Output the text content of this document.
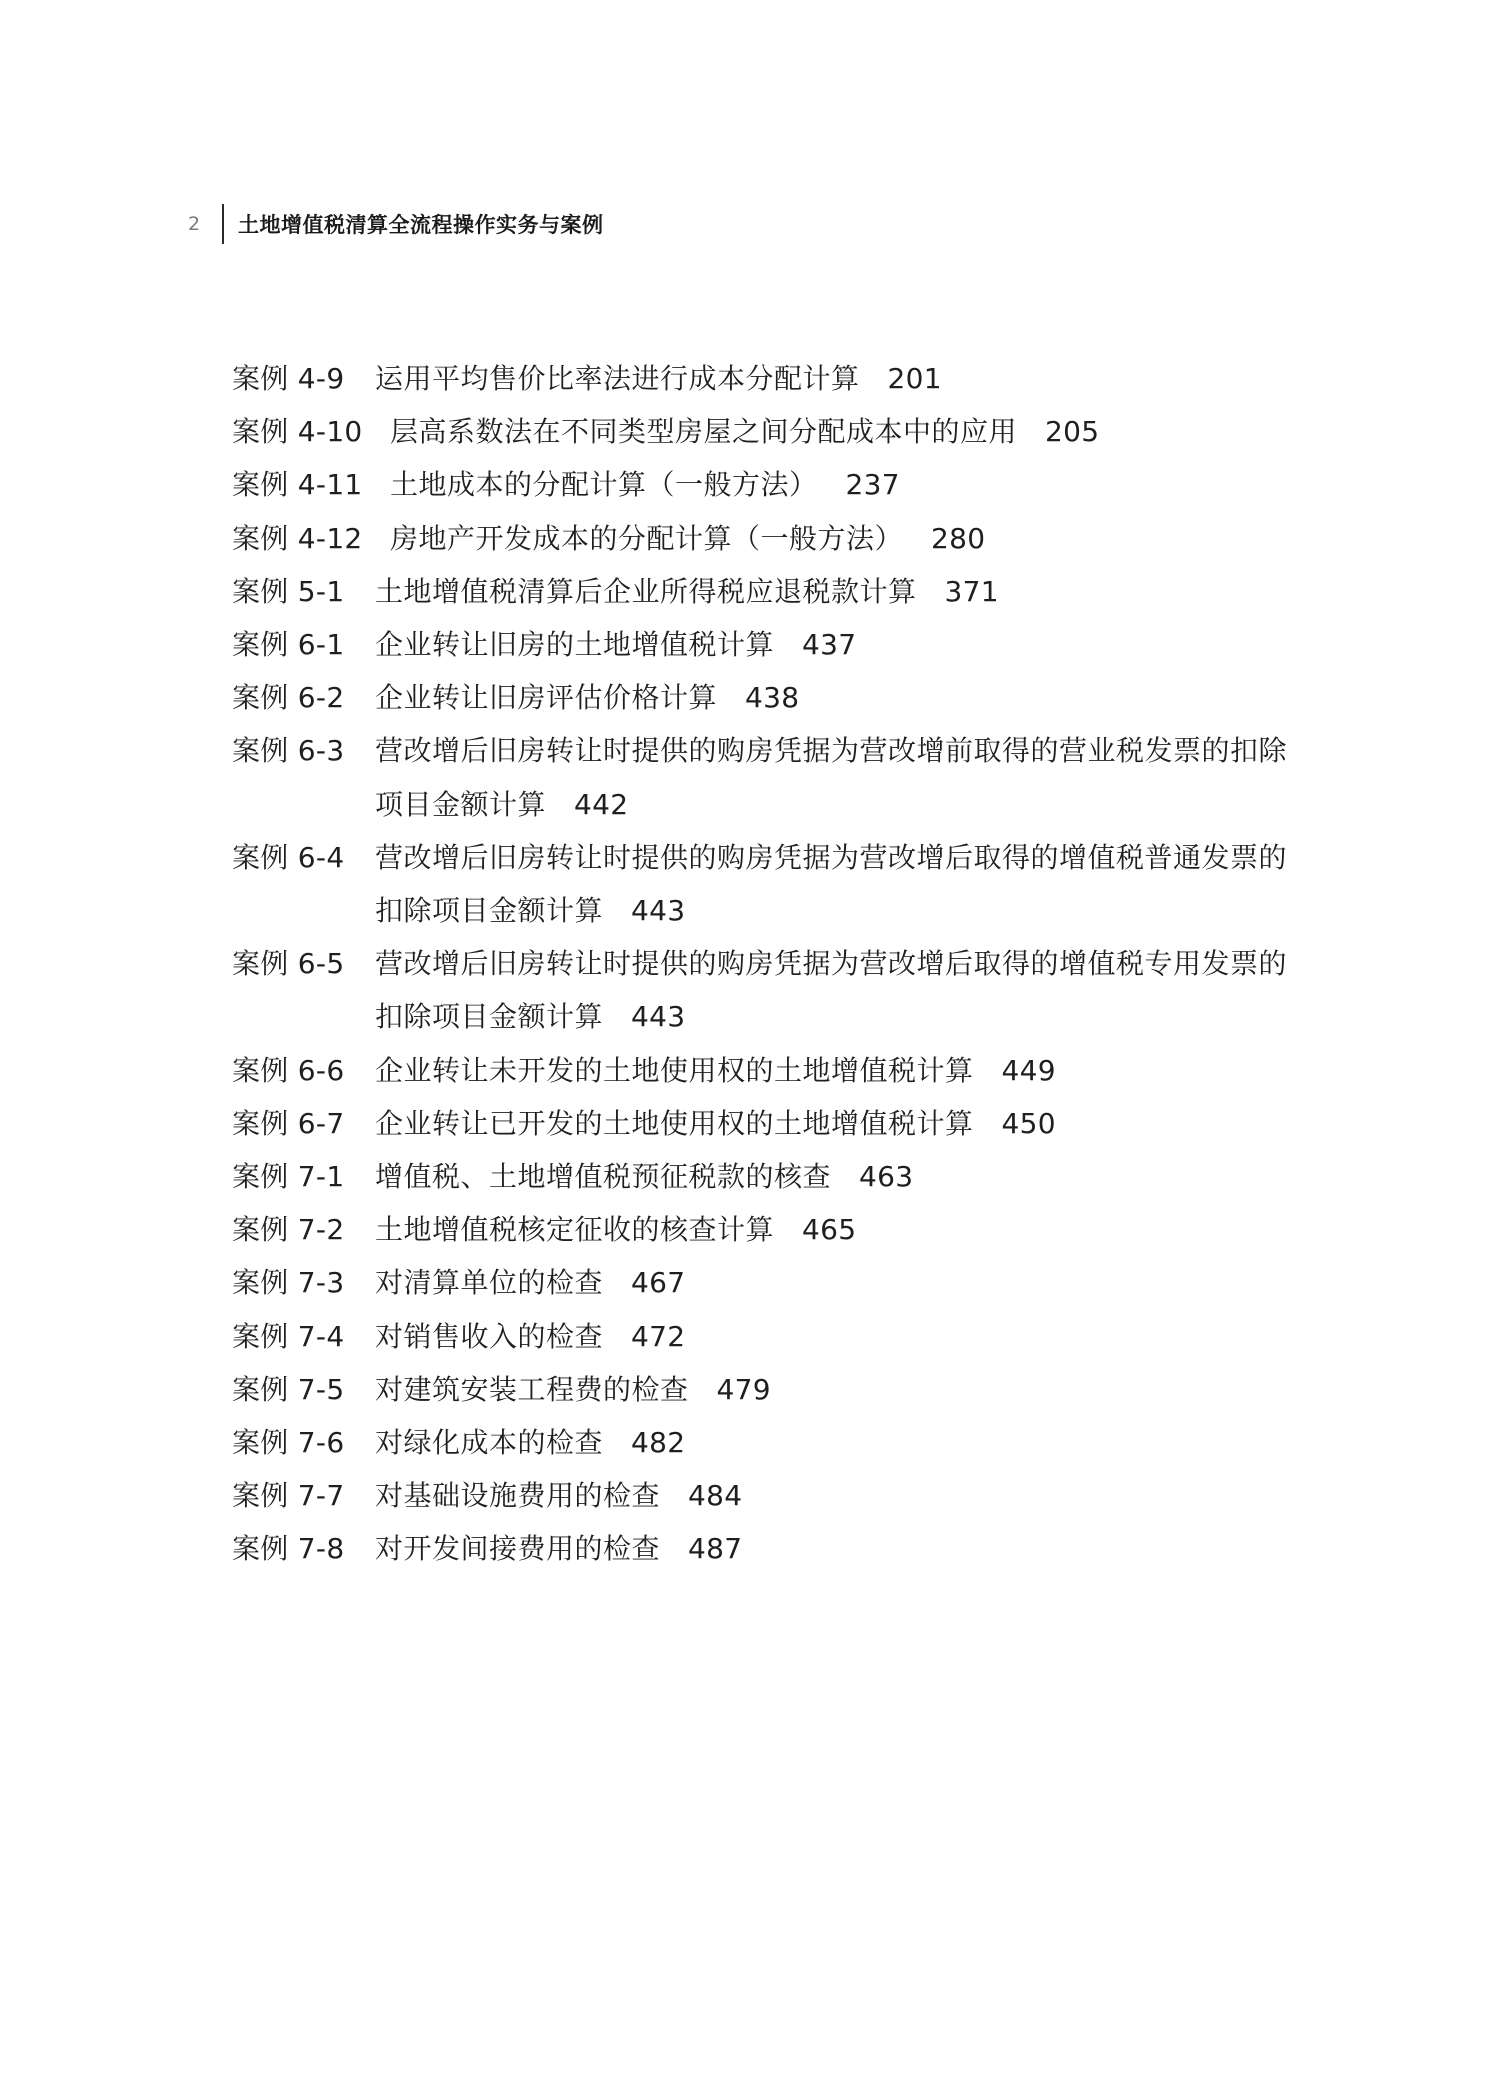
2	土地增值税清算全流程操作实务与案例
案例 4-9	运用平均售价比率法进行成本分配计算 201
案例 4-10 层高系数法在不同类型房屋之间分配成本中的应用 205
案例 4-11 土地成本的分配计算（一般方法） 237
案例 4-12 房地产开发成本的分配计算（一般方法） 280
案例 5-1	土地增值税清算后企业所得税应退税款计算 371
案例 6-1	企业转让旧房的土地增值税计算 437
案例 6-2	企业转让旧房评估价格计算 438
案例 6-3	营改增后旧房转让时提供的购房凭据为营改增前取得的营业税发票的扣除项目金额计算 442
案例 6-4	营改增后旧房转让时提供的购房凭据为营改增后取得的增值税普通发票的扣除项目金额计算 443
案例 6-5	营改增后旧房转让时提供的购房凭据为营改增后取得的增值税专用发票的扣除项目金额计算 443
案例 6-6	企业转让未开发的土地使用权的土地增值税计算 449
案例 6-7	企业转让已开发的土地使用权的土地增值税计算 450
案例 7-1	增值税、土地增值税预征税款的核查 463
案例 7-2	土地增值税核定征收的核查计算 465
案例 7-3	对清算单位的检查 467
案例 7-4	对销售收入的检查 472
案例 7-5	对建筑安装工程费的检查 479
案例 7-6	对绿化成本的检查 482
案例 7-7	对基础设施费用的检查 484
案例 7-8	对开发间接费用的检查 487
